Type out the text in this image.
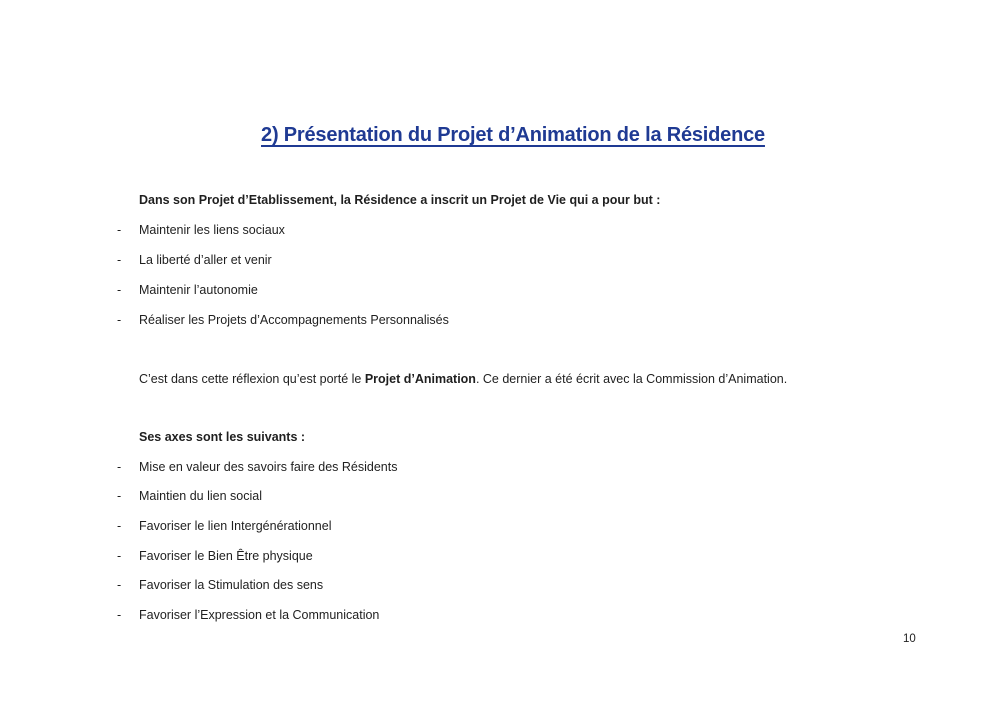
2) Présentation du Projet d’Animation de la Résidence
Dans son Projet d’Etablissement, la Résidence a inscrit un Projet de Vie qui a pour but :
-	Maintenir les liens sociaux
-	La liberté d’aller et venir
-	Maintenir l’autonomie
-	Réaliser les Projets d’Accompagnements Personnalisés
C’est dans cette réflexion qu’est porté le Projet d’Animation. Ce dernier a été écrit avec la Commission d’Animation.
Ses axes sont les suivants :
-	Mise en valeur des savoirs faire des Résidents
-	Maintien du lien social
-	Favoriser le lien Intergénérationnel
-	Favoriser le Bien Être physique
-	Favoriser la Stimulation des sens
-	Favoriser l’Expression et la Communication
10
